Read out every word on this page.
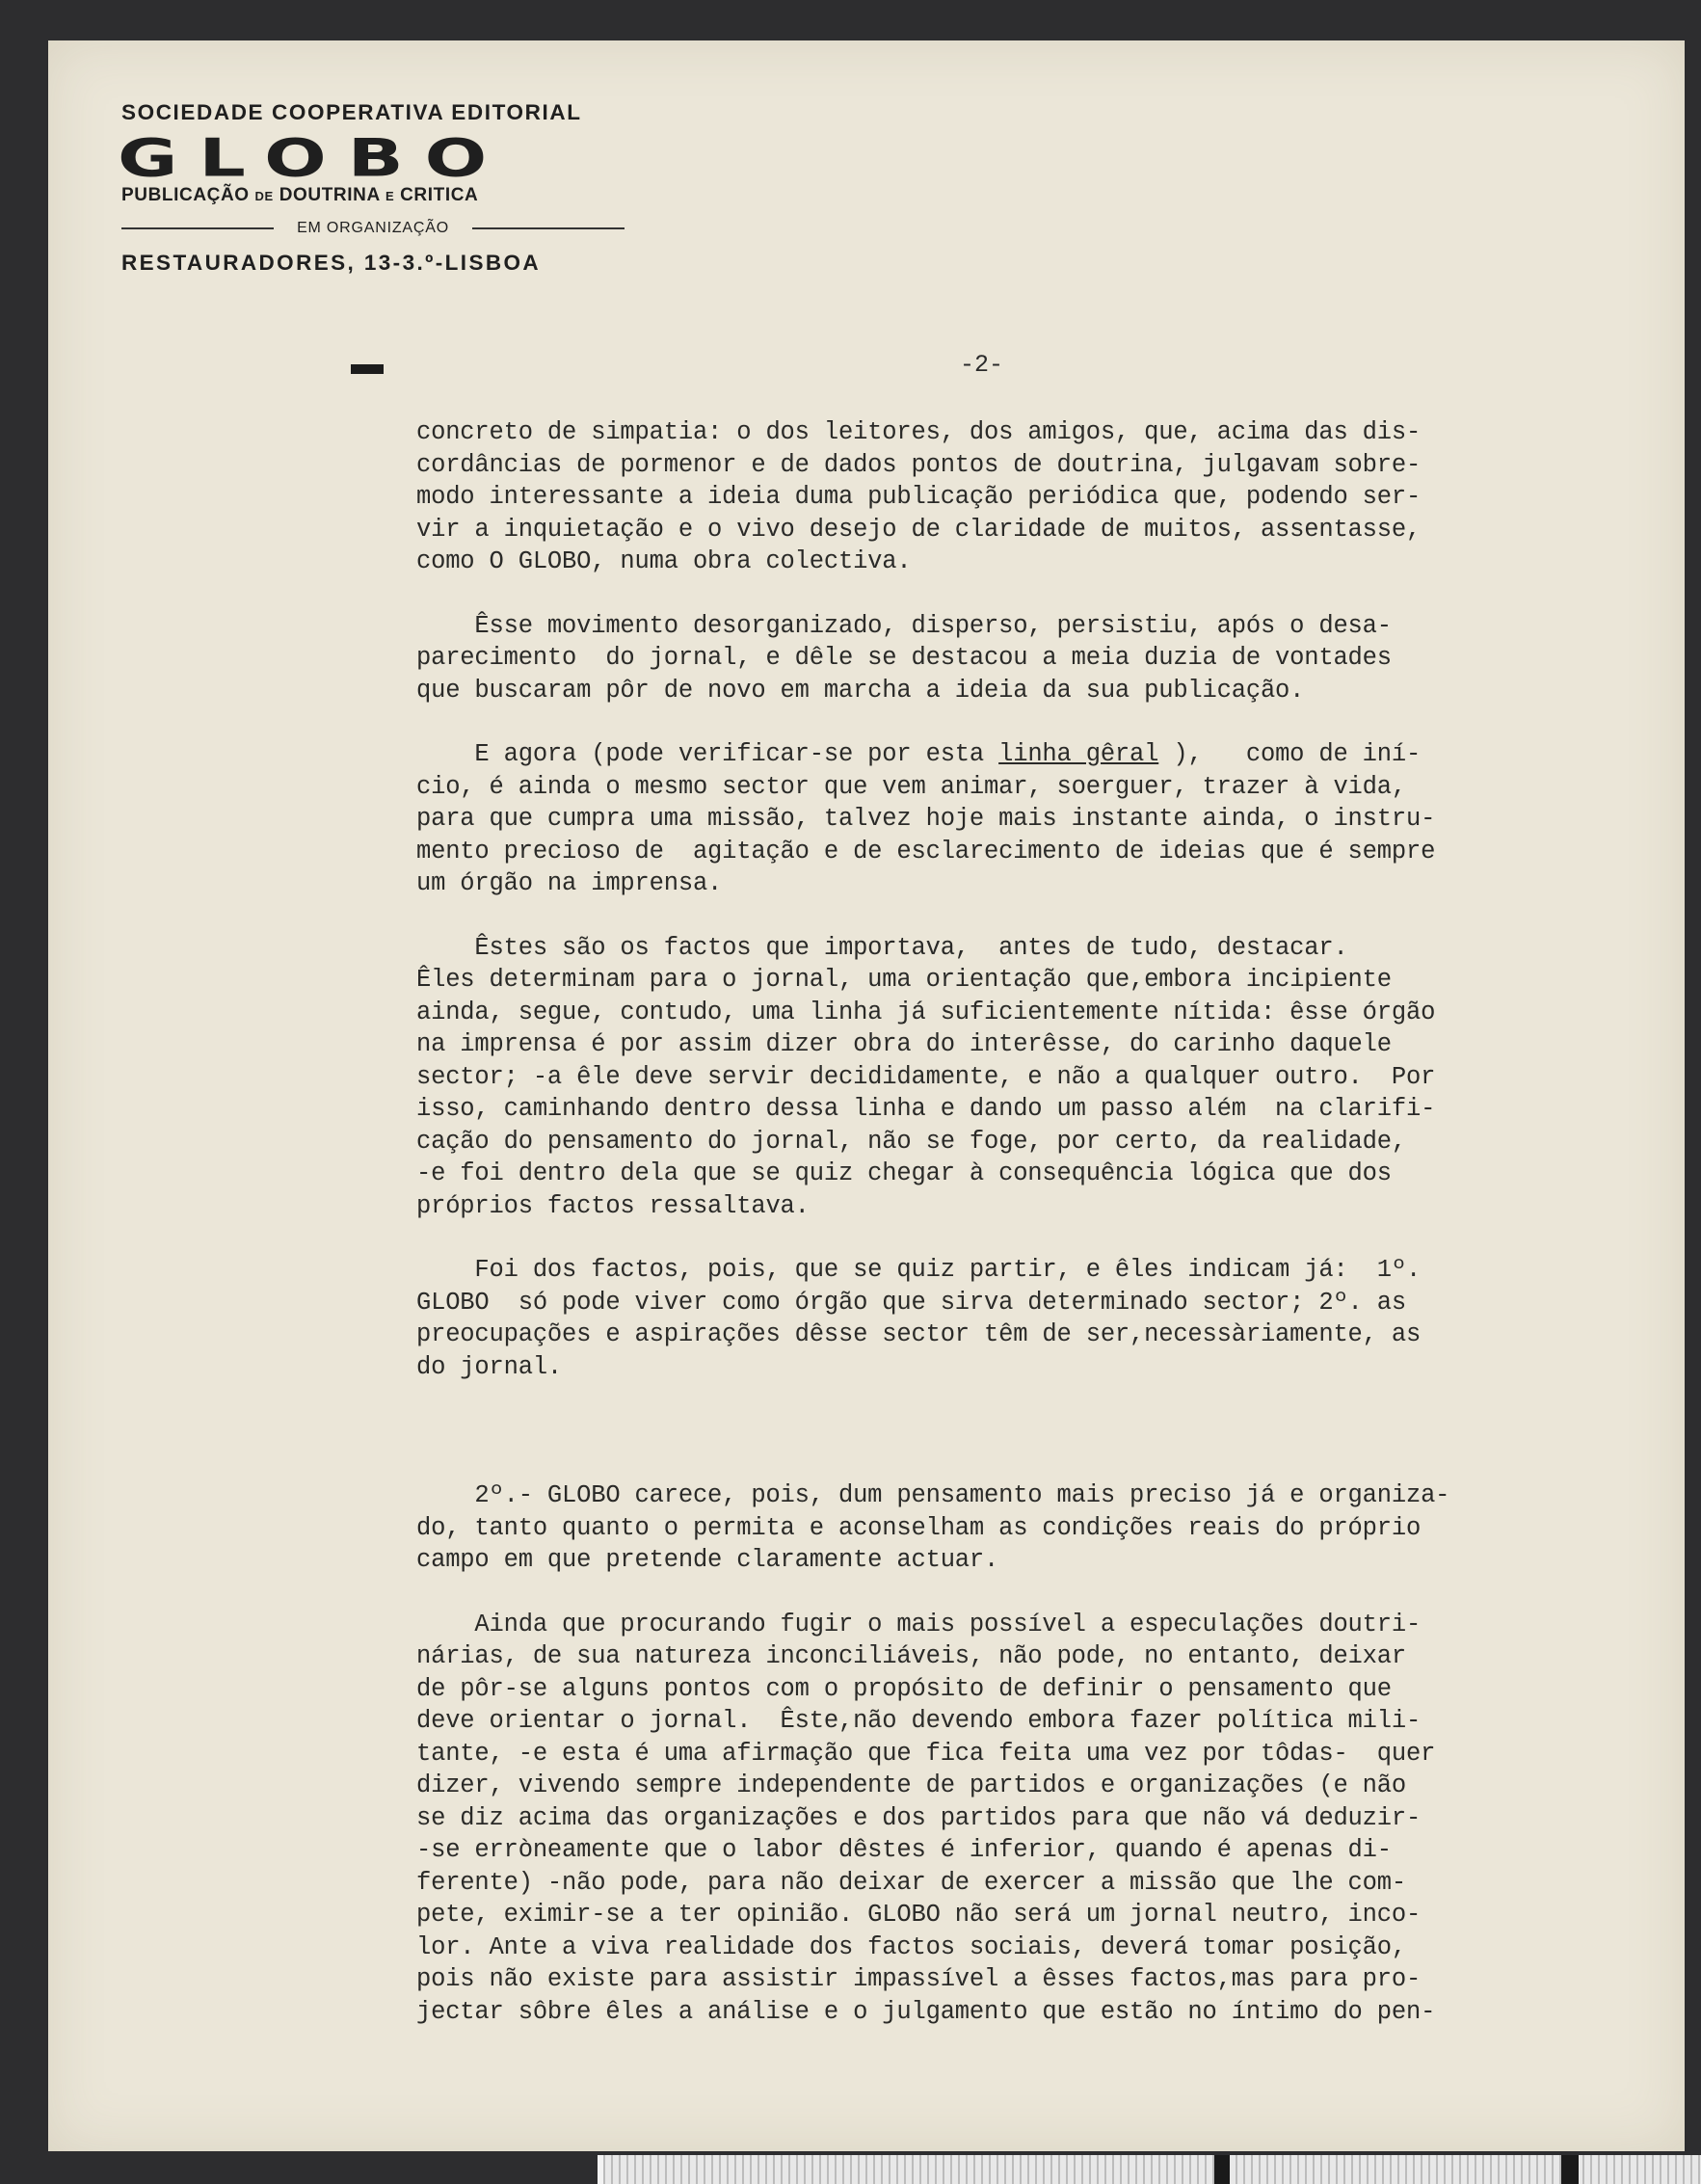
SOCIEDADE COOPERATIVA EDITORIAL
GLOBO
PUBLICAÇÃO DE DOUTRINA E CRITICA
EM ORGANIZAÇÃO
RESTAURADORES, 13-3.º-LISBOA
-2-
concreto de simpatia: o dos leitores, dos amigos, que, acima das dis-
cordâncias de pormenor e de dados pontos de doutrina, julgavam sobre-
modo interessante a ideia duma publicação periódica que, podendo ser-
vir a inquietação e o vivo desejo de claridade de muitos, assentasse,
como O GLOBO, numa obra colectiva.
Êsse movimento desorganizado, disperso, persistiu, após o desa-
parecimento  do jornal, e dêle se destacou a meia duzia de vontades
que buscaram pôr de novo em marcha a ideia da sua publicação.
E agora (pode verificar-se por esta linha gêral ),   como de iní-
cio, é ainda o mesmo sector que vem animar, soerguer, trazer à vida,
para que cumpra uma missão, talvez hoje mais instante ainda, o instru-
mento precioso de  agitação e de esclarecimento de ideias que é sempre
um órgão na imprensa.
Êstes são os factos que importava,  antes de tudo, destacar.
Êles determinam para o jornal, uma orientação que,embora incipiente
ainda, segue, contudo, uma linha já suficientemente nítida: êsse órgão
na imprensa é por assim dizer obra do interêsse, do carinho daquele
sector; -a êle deve servir decididamente, e não a qualquer outro.  Por
isso, caminhando dentro dessa linha e dando um passo além  na clarifi-
cação do pensamento do jornal, não se foge, por certo, da realidade,
-e foi dentro dela que se quiz chegar à consequência lógica que dos
próprios factos ressaltava.
Foi dos factos, pois, que se quiz partir, e êles indicam já:  1º.
GLOBO  só pode viver como órgão que sirva determinado sector; 2º. as
preocupações e aspirações dêsse sector têm de ser,necessàriamente, as
do jornal.
2º.- GLOBO carece, pois, dum pensamento mais preciso já e organiza-
do, tanto quanto o permita e aconselham as condições reais do próprio
campo em que pretende claramente actuar.
Ainda que procurando fugir o mais possível a especulações doutri-
nárias, de sua natureza inconciliáveis, não pode, no entanto, deixar
de pôr-se alguns pontos com o propósito de definir o pensamento que
deve orientar o jornal.  Êste,não devendo embora fazer política mili-
tante, -e esta é uma afirmação que fica feita uma vez por tôdas-  quer
dizer, vivendo sempre independente de partidos e organizações (e não
se diz acima das organizações e dos partidos para que não vá deduzir-
-se erròneamente que o labor dêstes é inferior, quando é apenas di-
ferente) -não pode, para não deixar de exercer a missão que lhe com-
pete, eximir-se a ter opinião. GLOBO não será um jornal neutro, inco-
lor. Ante a viva realidade dos factos sociais, deverá tomar posição,
pois não existe para assistir impassível a êsses factos,mas para pro-
jectar sôbre êles a análise e o julgamento que estão no íntimo do pen-
